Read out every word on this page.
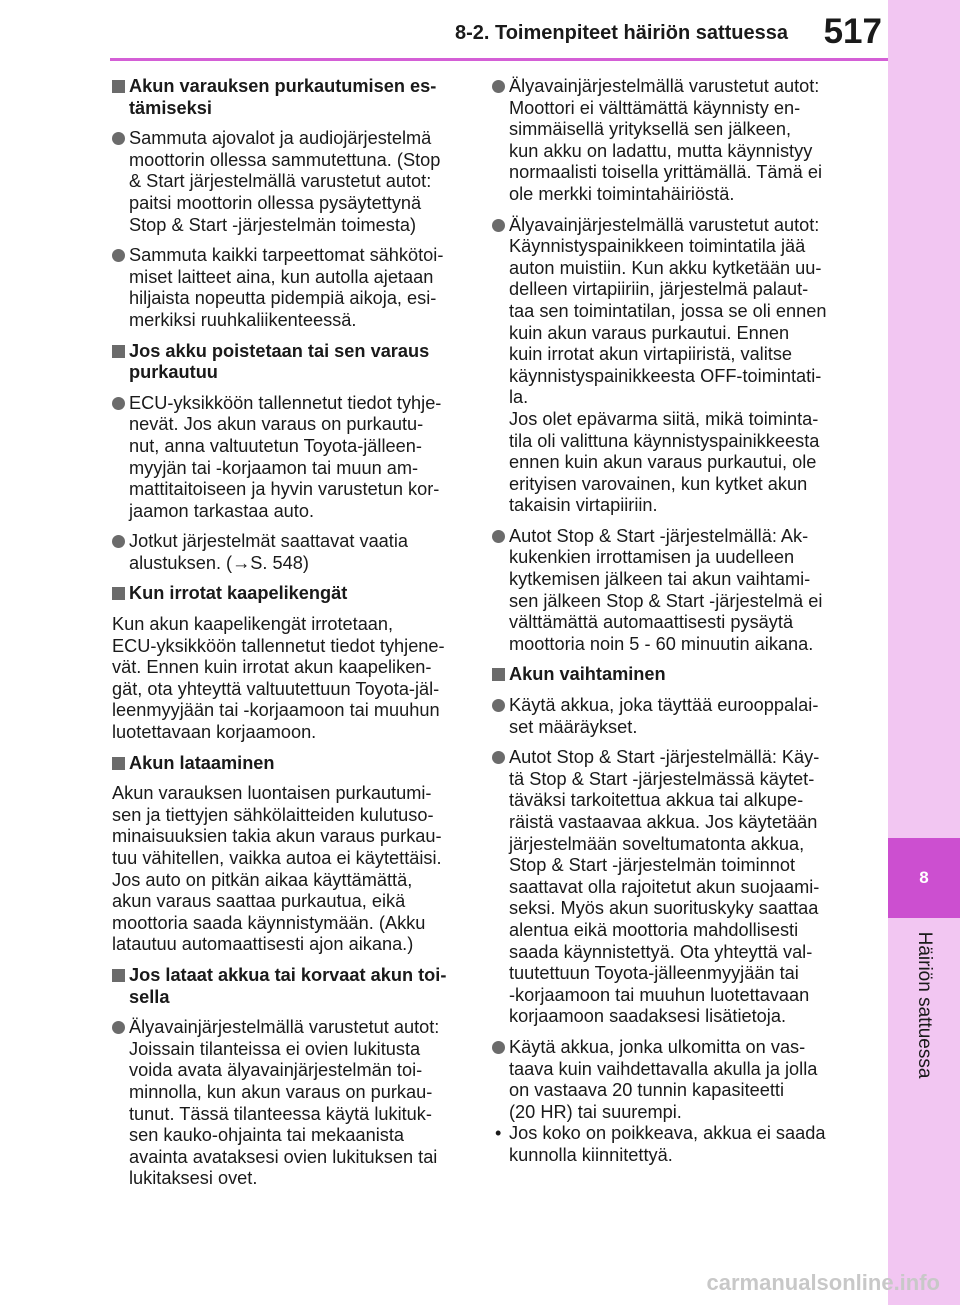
8-2. Toimenpiteet häiriön sattuessa 517
8
Häiriön sattuessa
Akun varauksen purkautumisen es-
tämiseksi
Sammuta ajovalot ja audiojärjestelmä
moottorin ollessa sammutettuna. (Stop
& Start järjestelmällä varustetut autot:
paitsi moottorin ollessa pysäytettynä
Stop & Start -järjestelmän toimesta)
Sammuta kaikki tarpeettomat sähkötoi-
miset laitteet aina, kun autolla ajetaan
hiljaista nopeutta pidempiä aikoja, esi-
merkiksi ruuhkaliikenteessä.
Jos akku poistetaan tai sen varaus
purkautuu
ECU-yksikköön tallennetut tiedot tyhje-
nevät. Jos akun varaus on purkautu-
nut, anna valtuutetun Toyota-jälleen-
myyjän tai -korjaamon tai muun am-
mattitaitoiseen ja hyvin varustetun kor-
jaamon tarkastaa auto.
Jotkut järjestelmät saattavat vaatia
alustuksen. (→S. 548)
Kun irrotat kaapelikengät
Kun akun kaapelikengät irrotetaan,
ECU-yksikköön tallennetut tiedot tyhjene-
vät. Ennen kuin irrotat akun kaapeliken-
gät, ota yhteyttä valtuutettuun Toyota-jäl-
leenmyyjään tai -korjaamoon tai muuhun
luotettavaan korjaamoon.
Akun lataaminen
Akun varauksen luontaisen purkautumi-
sen ja tiettyjen sähkölaitteiden kulutuso-
minaisuuksien takia akun varaus purkau-
tuu vähitellen, vaikka autoa ei käytettäisi.
Jos auto on pitkän aikaa käyttämättä,
akun varaus saattaa purkautua, eikä
moottoria saada käynnistymään. (Akku
latautuu automaattisesti ajon aikana.)
Jos lataat akkua tai korvaat akun toi-
sella
Älyavainjärjestelmällä varustetut autot:
Joissain tilanteissa ei ovien lukitusta
voida avata älyavainjärjestelmän toi-
minnolla, kun akun varaus on purkau-
tunut. Tässä tilanteessa käytä lukituk-
sen kauko-ohjainta tai mekaanista
avainta avataksesi ovien lukituksen tai
lukitaksesi ovet.
Älyavainjärjestelmällä varustetut autot:
Moottori ei välttämättä käynnisty en-
simmäisellä yrityksellä sen jälkeen,
kun akku on ladattu, mutta käynnistyy
normaalisti toisella yrittämällä. Tämä ei
ole merkki toimintahäiriöstä.
Älyavainjärjestelmällä varustetut autot:
Käynnistyspainikkeen toimintatila jää
auton muistiin. Kun akku kytketään uu-
delleen virtapiiriin, järjestelmä palaut-
taa sen toimintatilan, jossa se oli ennen
kuin akun varaus purkautui. Ennen
kuin irrotat akun virtapiiristä, valitse
käynnistyspainikkeesta OFF-toimintati-
la.
Jos olet epävarma siitä, mikä toiminta-
tila oli valittuna käynnistyspainikkeesta
ennen kuin akun varaus purkautui, ole
erityisen varovainen, kun kytket akun
takaisin virtapiiriin.
Autot Stop & Start -järjestelmällä: Ak-
kukenkien irrottamisen ja uudelleen
kytkemisen jälkeen tai akun vaihtami-
sen jälkeen Stop & Start -järjestelmä ei
välttämättä automaattisesti pysäytä
moottoria noin 5 - 60 minuutin aikana.
Akun vaihtaminen
Käytä akkua, joka täyttää eurooppalai-
set määräykset.
Autot Stop & Start -järjestelmällä: Käy-
tä Stop & Start -järjestelmässä käytet-
täväksi tarkoitettua akkua tai alkupe-
räistä vastaavaa akkua. Jos käytetään
järjestelmään soveltumatonta akkua,
Stop & Start -järjestelmän toiminnot
saattavat olla rajoitetut akun suojaami-
seksi. Myös akun suorituskyky saattaa
alentua eikä moottoria mahdollisesti
saada käynnistettyä. Ota yhteyttä val-
tuutettuun Toyota-jälleenmyyjään tai
-korjaamoon tai muuhun luotettavaan
korjaamoon saadaksesi lisätietoja.
Käytä akkua, jonka ulkomitta on vas-
taava kuin vaihdettavalla akulla ja jolla
on vastaava 20 tunnin kapasiteetti
(20 HR) tai suurempi.
• Jos koko on poikkeava, akkua ei saada
kunnolla kiinnitettyä.
carmanualsonline.info
